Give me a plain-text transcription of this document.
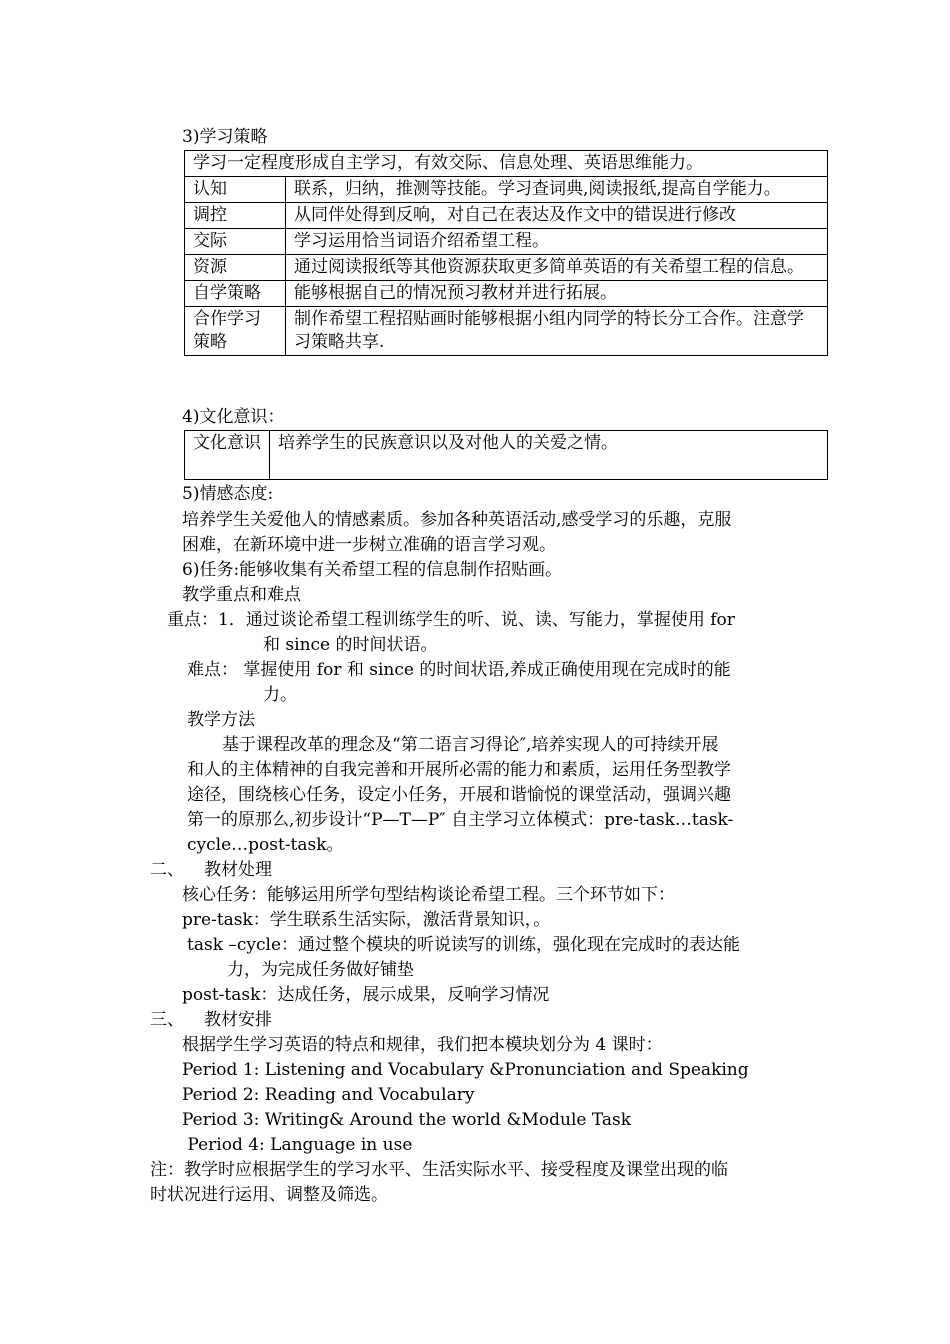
3)学习策略
学习一定程度形成自主学习，有效交际、信息处理、英语思维能力。	
认知	联系，归纳，推测等技能。学习查词典,阅读报纸,提高自学能力。
调控	从同伴处得到反响，对自己在表达及作文中的错误进行修改
交际	学习运用恰当词语介绍希望工程。
资源	通过阅读报纸等其他资源获取更多简单英语的有关希望工程的信息。
自学策略	能够根据自己的情况预习教材并进行拓展。
合作学习策略	制作希望工程招贴画时能够根据小组内同学的特长分工合作。注意学习策略共享.
4)文化意识：
文化意识	培养学生的民族意识以及对他人的关爱之情。
5)情感态度:
培养学生关爱他人的情感素质。参加各种英语活动,感受学习的乐趣，克服
困难，在新环境中进一步树立准确的语言学习观。
6)任务:能够收集有关希望工程的信息制作招贴画。
教学重点和难点
重点：1．通过谈论希望工程训练学生的听、说、读、写能力，掌握使用 for
和 since 的时间状语。
难点： 掌握使用 for 和 since 的时间状语,养成正确使用现在完成时的能
力。
教学方法
基于课程改革的理念及“第二语言习得论″,培养实现人的可持续开展
和人的主体精神的自我完善和开展所必需的能力和素质，运用任务型教学
途径，围绕核心任务，设定小任务，开展和谐愉悦的课堂活动，强调兴趣
第一的原那么,初步设计“P—T—P″ 自主学习立体模式：pre-task…task-
cycle…post-task。
二、 教材处理
核心任务：能够运用所学句型结构谈论希望工程。三个环节如下：
pre-task：学生联系生活实际，激活背景知识，。
task –cycle：通过整个模块的听说读写的训练，强化现在完成时的表达能
力，为完成任务做好铺垫
post-task：达成任务，展示成果，反响学习情况
三、 教材安排
根据学生学习英语的特点和规律，我们把本模块划分为 4 课时：
Period 1: Listening and Vocabulary &Pronunciation and Speaking
Period 2: Reading and Vocabulary
Period 3: Writing& Around the world &Module Task
Period 4: Language in use
注：教学时应根据学生的学习水平、生活实际水平、接受程度及课堂出现的临
时状况进行运用、调整及筛选。
